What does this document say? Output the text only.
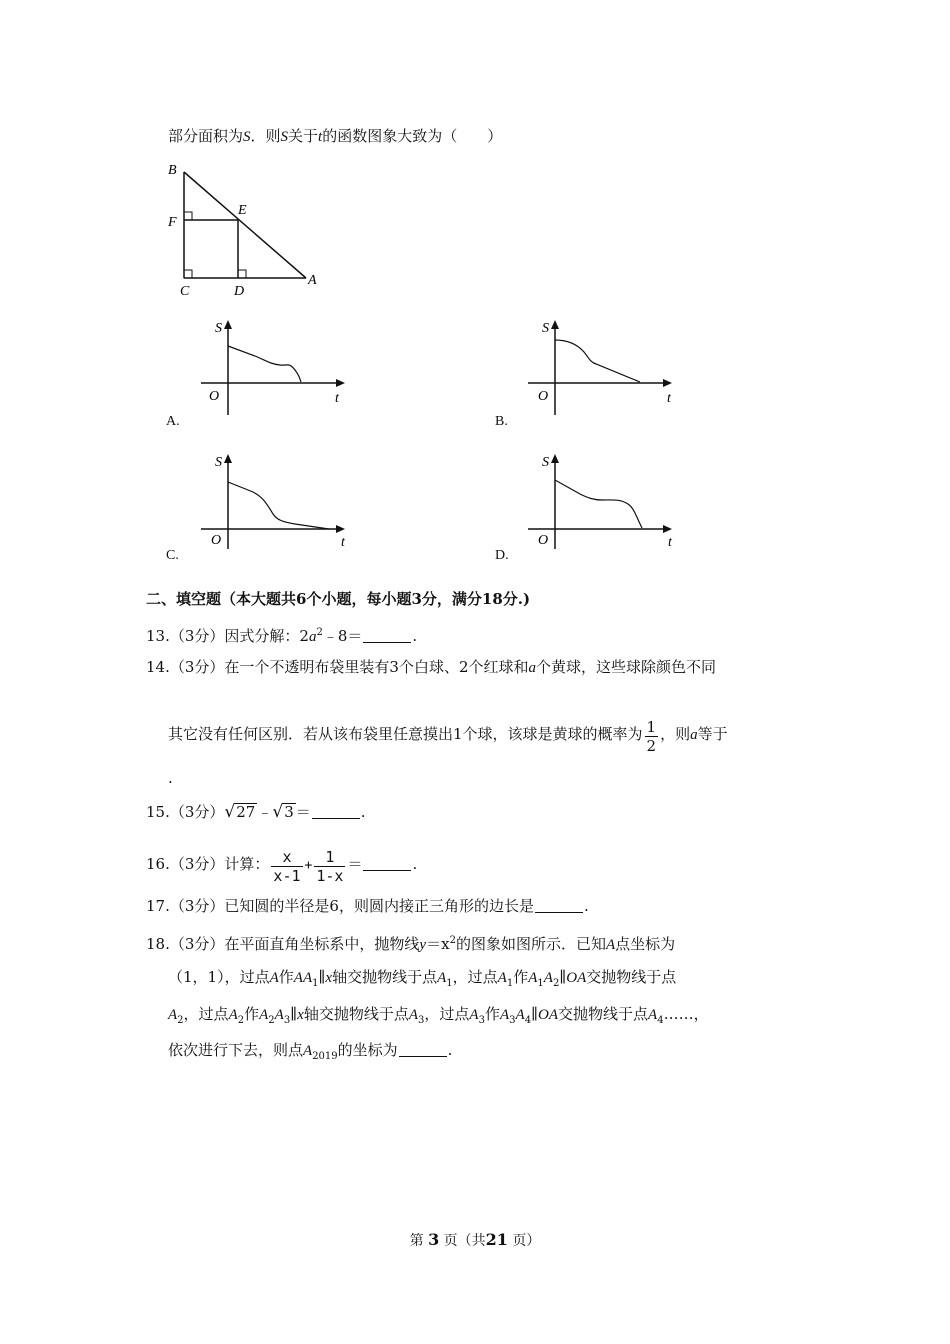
部分面积为S．则S关于t的函数图象大致为（　　）
B
E
F
C	D
A
S
O	t
S
O	t
S
O	t
S
O	t
A.	B.
C.	D.
二、填空题（本大题共6个小题，每小题3分，满分18分.)
13.（3分）因式分解：$2a^2﹣8=$	.
14.（3分）在一个不透明布袋里装有3个白球、2个红球和a个黄球，这些球除颜色不同
其它没有任何区别．若从该布袋里任意摸出1个球，该球是黄球的概率为 $\frac{1}{2}$ ，则a等于
.
15.（3分）√27 ﹣√3 ＝	.
16.（3分）计算： $\frac{x}{x-1} + \frac{1}{1-x}$ ＝	.
17.（3分）已知圆的半径是6，则圆内接正三角形的边长是	.
18.（3分）在平面直角坐标系中，抛物线$y=x^2$的图象如图所示．已知A点坐标为
（1，1），过点A作$AA_1\parallel x$轴交抛物线于点$A_1$，过点$A_1$作$A_1A_2\parallel OA$交抛物线于点
$A_2$，过点$A_2$作$A_2A_3\parallel x$轴交抛物线于点$A_3$，过点$A_3$作$A_3A_4\parallel OA$交抛物线于点$A_4\dots\dots$，
依次进行下去，则点$A_{2019}$的坐标为	.
第 3 页（共21 页）
